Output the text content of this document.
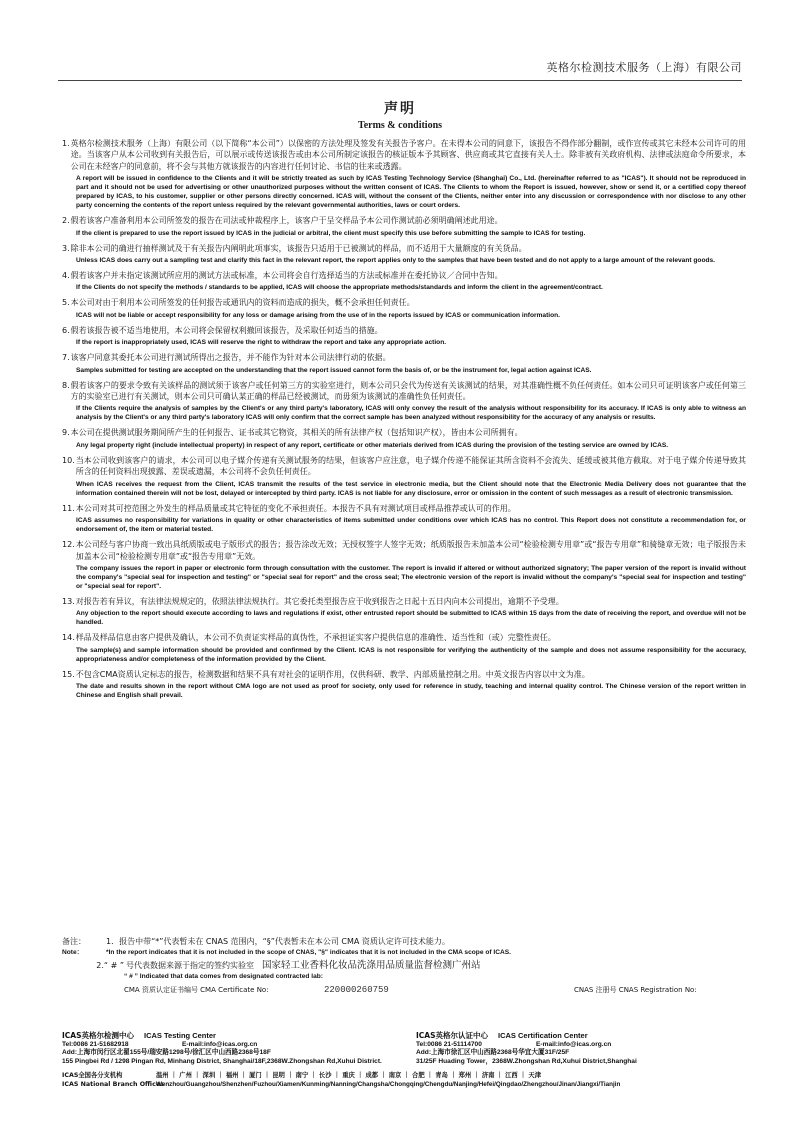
英格尔检测技术服务（上海）有限公司
声明
Terms & conditions
1. 英格尔检测技术服务（上海）有限公司（以下简称“本公司”）以保密的方法处理及签发有关报告予客户。在未得本公司的同意下，该报告不得作部分翻制，或作宣传或其它未经本公司许可的用途。当该客户从本公司收到有关报告后，可以展示或传送该报告或由本公司所制定该报告的核证版本予其顾客、供应商或其它直接有关人士。除非被有关政府机构、法律或法庭命令所要求，本公司在未经客户的同意前，将不会与其他方就该报告的内容进行任何讨论、书信的往来或透露。
A report will be issued in confidence to the Clients and it will be strictly treated as such by ICAS Testing Technology Service (Shanghai) Co., Ltd. (hereinafter referred to as "ICAS"). It should not be reproduced in part and it should not be used for advertising or other unauthorized purposes without the written consent of ICAS. The Clients to whom the Report is issued, however, show or send it, or a certified copy thereof prepared by ICAS, to his customer, supplier or other persons directly concerned. ICAS will, without the consent of the Clients, neither enter into any discussion or correspondence with nor disclose to any other party concerning the contents of the report unless required by the relevant governmental authorities, laws or court orders.
2. 假若该客户准备利用本公司所签发的报告在司法或仲裁程序上，该客户于呈交样品予本公司作测试前必须明确阐述此用途。
If the client is prepared to use the report issued by ICAS in the judicial or arbitral, the client must specify this use before submitting the sample to ICAS for testing.
3. 除非本公司的确进行抽样测试及于有关报告内阐明此项事实，该报告只适用于已被测试的样品，而不适用于大量额度的有关货品。
Unless ICAS does carry out a sampling test and clarify this fact in the relevant report, the report applies only to the samples that have been tested and do not apply to a large amount of the relevant goods.
4. 假若该客户并未指定该测试所应用的测试方法或标准，本公司将会自行选择适当的方法或标准并在委托协议／合同中告知。
If the Clients do not specify the methods / standards to be applied, ICAS will choose the appropriate methods/standards and inform the client in the agreement/contract.
5. 本公司对由于利用本公司所签发的任何报告或通讯内的资料而造成的损失，概不会承担任何责任。
ICAS will not be liable or accept responsibility for any loss or damage arising from the use of in the reports issued by ICAS or communication information.
6. 假若该报告被不适当地使用，本公司将会保留权利撤回该报告，及采取任何适当的措施。
If the report is inappropriately used, ICAS will reserve the right to withdraw the report and take any appropriate action.
7. 该客户同意其委托本公司进行测试所得出之报告，并不能作为针对本公司法律行动的依据。
Samples submitted for testing are accepted on the understanding that the report issued cannot form the basis of, or be the instrument for, legal action against ICAS.
8. 假若该客户的要求令致有关该样品的测试须于该客户或任何第三方的实验室进行，则本公司只会代为传送有关该测试的结果，对其准确性概不负任何责任。如本公司只可证明该客户或任何第三方的实验室已进行有关测试，则本公司只可确认某正确的样品已经被测试，而毋须为该测试的准确性负任何责任。
If the Clients require the analysis of samples by the Client's or any third party's laboratory, ICAS will only convey the result of the analysis without responsibility for its accuracy. If ICAS is only able to witness an analysis by the Client's or any third party's laboratory ICAS will only confirm that the correct sample has been analyzed without responsibility for the accuracy of any analysis or results.
9. 本公司在提供测试服务期间所产生的任何报告、证书或其它物资，其相关的所有法律产权（包括知识产权），皆由本公司所拥有。
Any legal property right (include intellectual property) in respect of any report, certificate or other materials derived from ICAS during the provision of the testing service are owned by ICAS.
10. 当本公司收到该客户的请求，本公司可以电子媒介传递有关测试服务的结果，但该客户应注意，电子媒介传递不能保证其所含资料不会流失、延缓或被其他方截取。对于电子媒介传递导致其所含的任何资料出现披露、差误或遗漏，本公司将不会负任何责任。
When ICAS receives the request from the Client, ICAS transmit the results of the test service in electronic media, but the Client should note that the Electronic Media Delivery does not guarantee that the information contained therein will not be lost, delayed or intercepted by third party. ICAS is not liable for any disclosure, error or omission in the content of such messages as a result of electronic transmission.
11. 本公司对其可控范围之外发生的样品质量或其它特征的变化不承担责任。本报告不具有对测试项目或样品推荐或认可的作用。
ICAS assumes no responsibility for variations in quality or other characteristics of items submitted under conditions over which ICAS has no control. This Report does not constitute a recommendation for, or endorsement of, the item or material tested.
12. 本公司经与客户协商一致出具纸质版或电子版形式的报告；报告涂改无效；无授权签字人签字无效；纸质版报告未加盖本公司“检验检测专用章”或“报告专用章”和骑缝章无效；电子版报告未加盖本公司“检验检测专用章”或“报告专用章”无效。
The company issues the report in paper or electronic form through consultation with the customer. The report is invalid if altered or without authorized signatory; The paper version of the report is invalid without the company's "special seal for inspection and testing" or "special seal for report" and the cross seal; The electronic version of the report is invalid without the company's "special seal for inspection and testing" or "special seal for report".
13. 对报告若有异议，有法律法规规定的，依照法律法规执行。其它委托类型报告应于收到报告之日起十五日内向本公司提出，逾期不予受理。
Any objection to the report should execute according to laws and regulations if exist, other entrusted report should be submitted to ICAS within 15 days from the date of receiving the report, and overdue will not be handled.
14. 样品及样品信息由客户提供及确认，本公司不负责证实样品的真伪性，不承担证实客户提供信息的准确性、适当性和（或）完整性责任。
The sample(s) and sample information should be provided and confirmed by the Client. ICAS is not responsible for verifying the authenticity of the sample and does not assume responsibility for the accuracy, appropriateness and/or completeness of the information provided by the Client.
15. 不包含CMA资质认定标志的报告，检测数据和结果不具有对社会的证明作用，仅供科研、教学、内部质量控制之用。中英文报告内容以中文为准。
The date and results shown in the report without CMA logo are not used as proof for society, only used for reference in study, teaching and internal quality control. The Chinese version of the report written in Chinese and English shall prevail.
备注：	1．报告中带“*”代表暂未在 CNAS 范围内，“§”代表暂未在本公司 CMA 资质认定许可技术能力。
Note：	*In the report indicates that it is not included in the scope of CNAS, "§" indicates that it is not included in the CMA scope of ICAS.
2.“ # ” 号代表数据来源于指定的签约实验室 国家轻工业香料化妆品洗涤用品质量监督检测广州站
“ # ” Indicated that data comes from designated contracted lab:
CMA 资质认定证书编号 CMA Certificate No:	220000260759	CNAS 注册号 CNAS Registration No:
ICAS英格尔检测中心 ICAS Testing Center
Tel:0086 21-51682918	E-mail:info@icas.org.cn
Add:上海市闵行区北翟155号/瑞安路1298号/徐汇区中山西路2368号18F
155 Pingbei Rd / 1298 Pingan Rd, Minhang District, Shanghai/18F,2368W.Zhongshan Rd,Xuhui District.
ICAS英格尔认证中心 ICAS Certification Center
Tel:0086 21-51114700	E-mail:info@icas.org.cn
Add:上海市徐汇区中山西路2368号华宜大厦31F/25F
31/25F Huading Tower，2368W.Zhongshan Rd,Xuhui District,Shanghai
ICAS全国各分支机构	温州 ｜ 广州 ｜ 深圳 ｜ 福州 ｜ 厦门 ｜ 昆明 ｜ 南宁 ｜ 长沙 ｜ 重庆 ｜ 成都 ｜ 南京 ｜ 合肥 ｜ 青岛 ｜ 郑州 ｜ 济南 ｜ 江西 ｜ 天津
ICAS National Branch Offices
Wenzhou/Guangzhou/Shenzhen/Fuzhou/Xiamen/Kunming/Nanning/Changsha/Chongqing/Chengdu/Nanjing/Hefei/Qingdao/Zhengzhou/Jinan/Jiangxi/Tianjin
